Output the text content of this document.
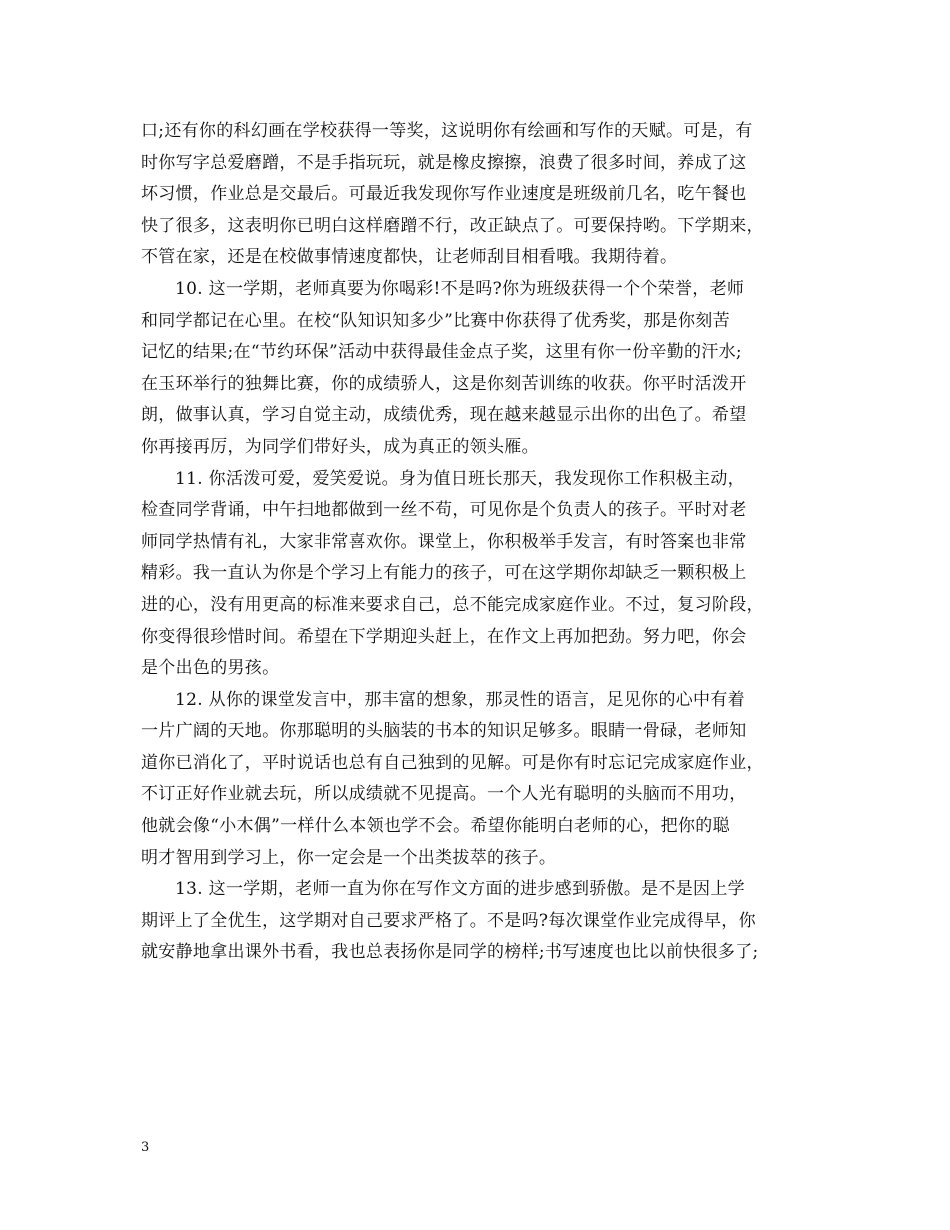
口;还有你的科幻画在学校获得一等奖，这说明你有绘画和写作的天赋。可是，有
时你写字总爱磨蹭，不是手指玩玩，就是橡皮擦擦，浪费了很多时间，养成了这
坏习惯，作业总是交最后。可最近我发现你写作业速度是班级前几名，吃午餐也
快了很多，这表明你已明白这样磨蹭不行，改正缺点了。可要保持哟。下学期来，
不管在家，还是在校做事情速度都快，让老师刮目相看哦。我期待着。
10. 这一学期，老师真要为你喝彩!不是吗?你为班级获得一个个荣誉，老师
和同学都记在心里。在校“队知识知多少”比赛中你获得了优秀奖，那是你刻苦
记忆的结果;在“节约环保”活动中获得最佳金点子奖，这里有你一份辛勤的汗水;
在玉环举行的独舞比赛，你的成绩骄人，这是你刻苦训练的收获。你平时活泼开
朗，做事认真，学习自觉主动，成绩优秀，现在越来越显示出你的出色了。希望
你再接再厉，为同学们带好头，成为真正的领头雁。
11. 你活泼可爱，爱笑爱说。身为值日班长那天，我发现你工作积极主动，
检查同学背诵，中午扫地都做到一丝不苟，可见你是个负责人的孩子。平时对老
师同学热情有礼，大家非常喜欢你。课堂上，你积极举手发言，有时答案也非常
精彩。我一直认为你是个学习上有能力的孩子，可在这学期你却缺乏一颗积极上
进的心，没有用更高的标准来要求自己，总不能完成家庭作业。不过，复习阶段，
你变得很珍惜时间。希望在下学期迎头赶上，在作文上再加把劲。努力吧，你会
是个出色的男孩。
12. 从你的课堂发言中，那丰富的想象，那灵性的语言，足见你的心中有着
一片广阔的天地。你那聪明的头脑装的书本的知识足够多。眼睛一骨碌，老师知
道你已消化了，平时说话也总有自己独到的见解。可是你有时忘记完成家庭作业，
不订正好作业就去玩，所以成绩就不见提高。一个人光有聪明的头脑而不用功，
他就会像“小木偶”一样什么本领也学不会。希望你能明白老师的心，把你的聪
明才智用到学习上，你一定会是一个出类拔萃的孩子。
13. 这一学期，老师一直为你在写作文方面的进步感到骄傲。是不是因上学
期评上了全优生，这学期对自己要求严格了。不是吗?每次课堂作业完成得早，你
就安静地拿出课外书看，我也总表扬你是同学的榜样;书写速度也比以前快很多了;
3
